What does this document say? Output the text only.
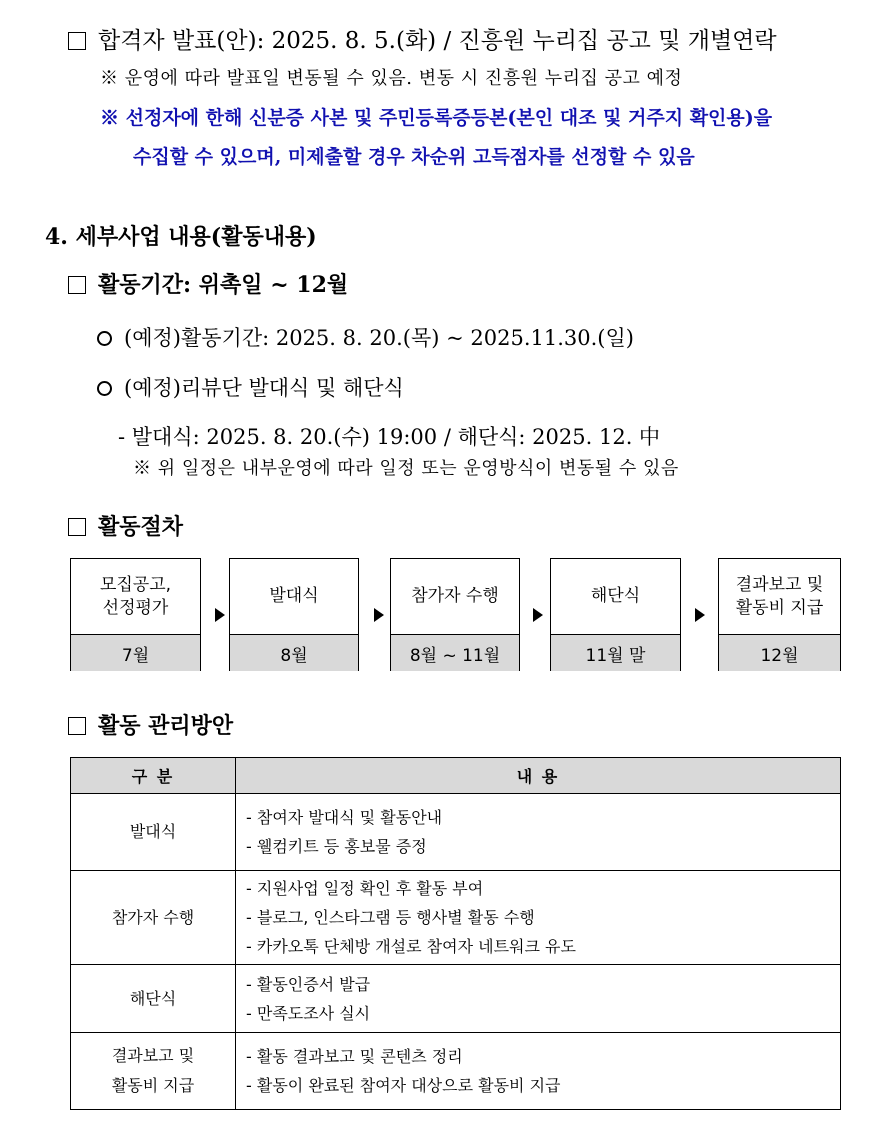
합격자 발표(안): 2025. 8. 5.(화) / 진흥원 누리집 공고 및 개별연락
※ 운영에 따라 발표일 변동될 수 있음. 변동 시 진흥원 누리집 공고 예정
※ 선정자에 한해 신분증 사본 및 주민등록증등본(본인 대조 및 거주지 확인용)을
수집할 수 있으며, 미제출할 경우 차순위 고득점자를 선정할 수 있음
4. 세부사업 내용(활동내용)
활동기간: 위촉일 ~ 12월
(예정)활동기간: 2025. 8. 20.(목) ~ 2025.11.30.(일)
(예정)리뷰단 발대식 및 해단식
- 발대식: 2025. 8. 20.(수) 19:00 / 해단식: 2025. 12. 中
※ 위 일정은 내부운영에 따라 일정 또는 운영방식이 변동될 수 있음
활동절차
모집공고,
선정평가
7월
발대식
8월
참가자 수행
8월 ~ 11월
해단식
11월 말
결과보고 및
활동비 지급
12월
활동 관리방안
구 분	내 용
발대식	- 참여자 발대식 및 활동안내
- 웰컴키트 등 홍보물 증정

참가자 수행	- 지원사업 일정 확인 후 활동 부여
- 블로그, 인스타그램 등 행사별 활동 수행
- 카카오톡 단체방 개설로 참여자 네트워크 유도

해단식	- 활동인증서 발급
- 만족도조사 실시

결과보고 및
활동비 지급	- 활동 결과보고 및 콘텐츠 정리
- 활동이 완료된 참여자 대상으로 활동비 지급
